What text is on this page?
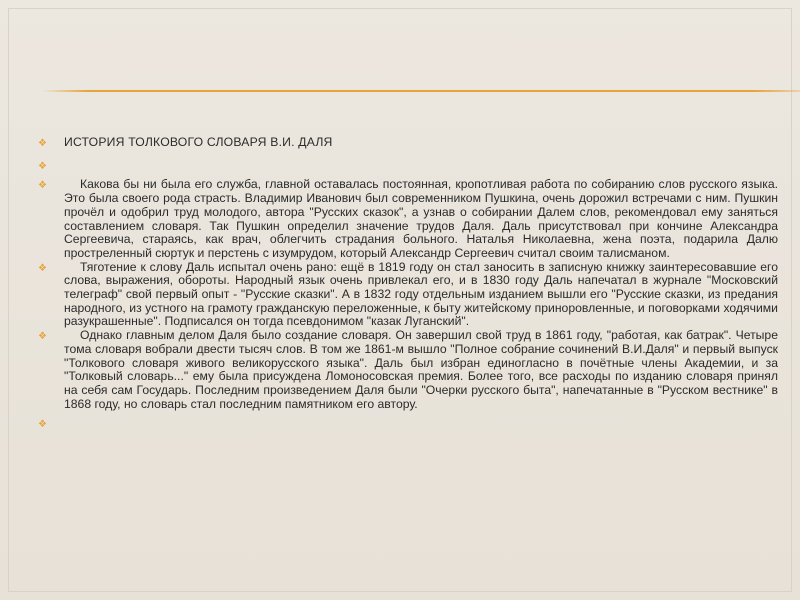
❖ ИСТОРИЯ ТОЛКОВОГО СЛОВАРЯ В.И. ДАЛЯ
❖
❖	Какова бы ни была его служба, главной оставалась постоянная, кропотливая работа по собиранию слов русского языка. Это была своего рода страсть. Владимир Иванович был современником Пушкина, очень дорожил встречами с ним. Пушкин прочёл и одобрил труд молодого, автора "Русских сказок", а узнав о собирании Далем слов, рекомендовал ему заняться составлением словаря. Так Пушкин определил значение трудов Даля. Даль присутствовал при кончине Александра Сергеевича, стараясь, как врач, облегчить страдания больного. Наталья Николаевна, жена поэта, подарила Далю простреленный сюртук и перстень с изумрудом, который Александр Сергеевич считал своим талисманом.
❖	Тяготение к слову Даль испытал очень рано: ещё в 1819 году он стал заносить в записную книжку заинтересовавшие его слова, выражения, обороты. Народный язык очень привлекал его, и в 1830 году Даль напечатал в журнале "Московский телеграф" свой первый опыт - "Русские сказки". А в 1832 году отдельным изданием вышли его "Русские сказки, из предания народного, из устного на грамоту гражданскую переложенные, к быту житейскому приноровленные, и поговорками ходячими разукрашенные". Подписался он тогда псевдонимом "казак Луганский".
❖	Однако главным делом Даля было создание словаря. Он завершил свой труд в 1861 году, "работая, как батрак". Четыре тома словаря вобрали двести тысяч слов. В том же 1861-м вышло "Полное собрание сочинений В.И.Даля" и первый выпуск "Толкового словаря живого великорусского языка". Даль был избран единогласно в почётные члены Академии, и за "Толковый словарь..." ему была присуждена Ломоносовская премия. Более того, все расходы по изданию словаря принял на себя сам Государь. Последним произведением Даля были "Очерки русского быта", напечатанные в "Русском вестнике" в 1868 году, но словарь стал последним памятником его автору.
❖
